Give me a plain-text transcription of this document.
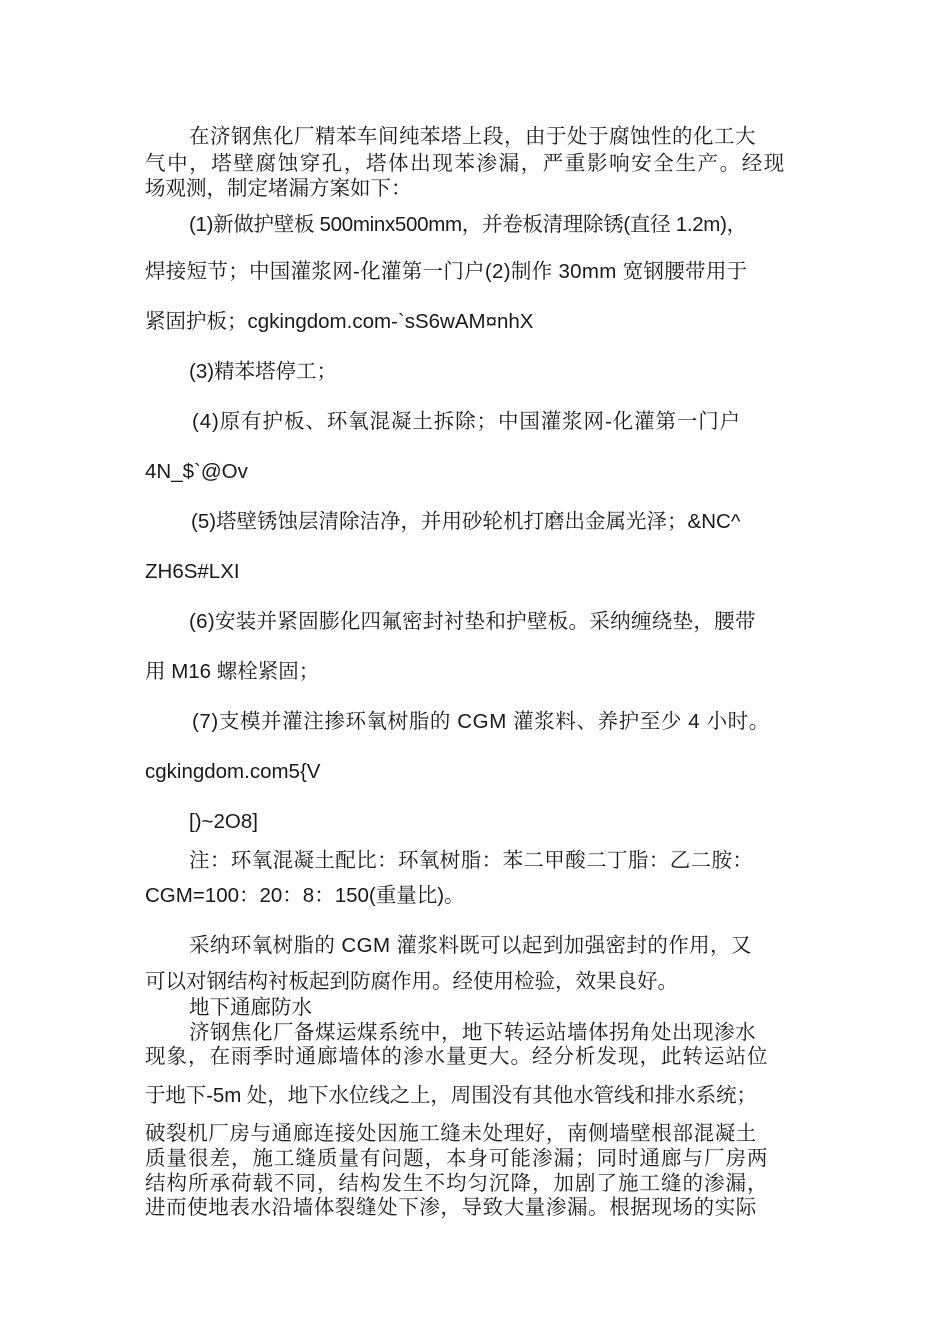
在济钢焦化厂精苯车间纯苯塔上段，由于处于腐蚀性的化工大
气中，塔壁腐蚀穿孔，塔体出现苯渗漏，严重影响安全生产。经现
场观测，制定堵漏方案如下：
(1)新做护壁板 500minx500mm，并卷板清理除锈(直径 1.2m)，
焊接短节；中国灌浆网-化灌第一门户(2)制作 30mm 宽钢腰带用于
紧固护板；cgkingdom.com-`sS6wAM¤nhX
(3)精苯塔停工；
(4)原有护板、环氧混凝土拆除；中国灌浆网-化灌第一门户
4N_$`@Ov
(5)塔壁锈蚀层清除洁净，并用砂轮机打磨出金属光泽；&NC^
ZH6S#LXI
(6)安装并紧固膨化四氟密封衬垫和护壁板。采纳缠绕垫，腰带
用 M16 螺栓紧固；
(7)支模并灌注掺环氧树脂的 CGM 灌浆料、养护至少 4 小时。
cgkingdom.com5{V
[)~2O8]
注：环氧混凝土配比：环氧树脂：苯二甲酸二丁脂：乙二胺：
CGM=100：20：8：150(重量比)。
采纳环氧树脂的 CGM 灌浆料既可以起到加强密封的作用，又
可以对钢结构衬板起到防腐作用。经使用检验，效果良好。
地下通廊防水
济钢焦化厂备煤运煤系统中，地下转运站墙体拐角处出现渗水
现象，在雨季时通廊墙体的渗水量更大。经分析发现，此转运站位
于地下-5m 处，地下水位线之上，周围没有其他水管线和排水系统；
破裂机厂房与通廊连接处因施工缝未处理好，南侧墙壁根部混凝土
质量很差，施工缝质量有问题，本身可能渗漏；同时通廊与厂房两
结构所承荷载不同，结构发生不均匀沉降，加剧了施工缝的渗漏，
进而使地表水沿墙体裂缝处下渗，导致大量渗漏。根据现场的实际
